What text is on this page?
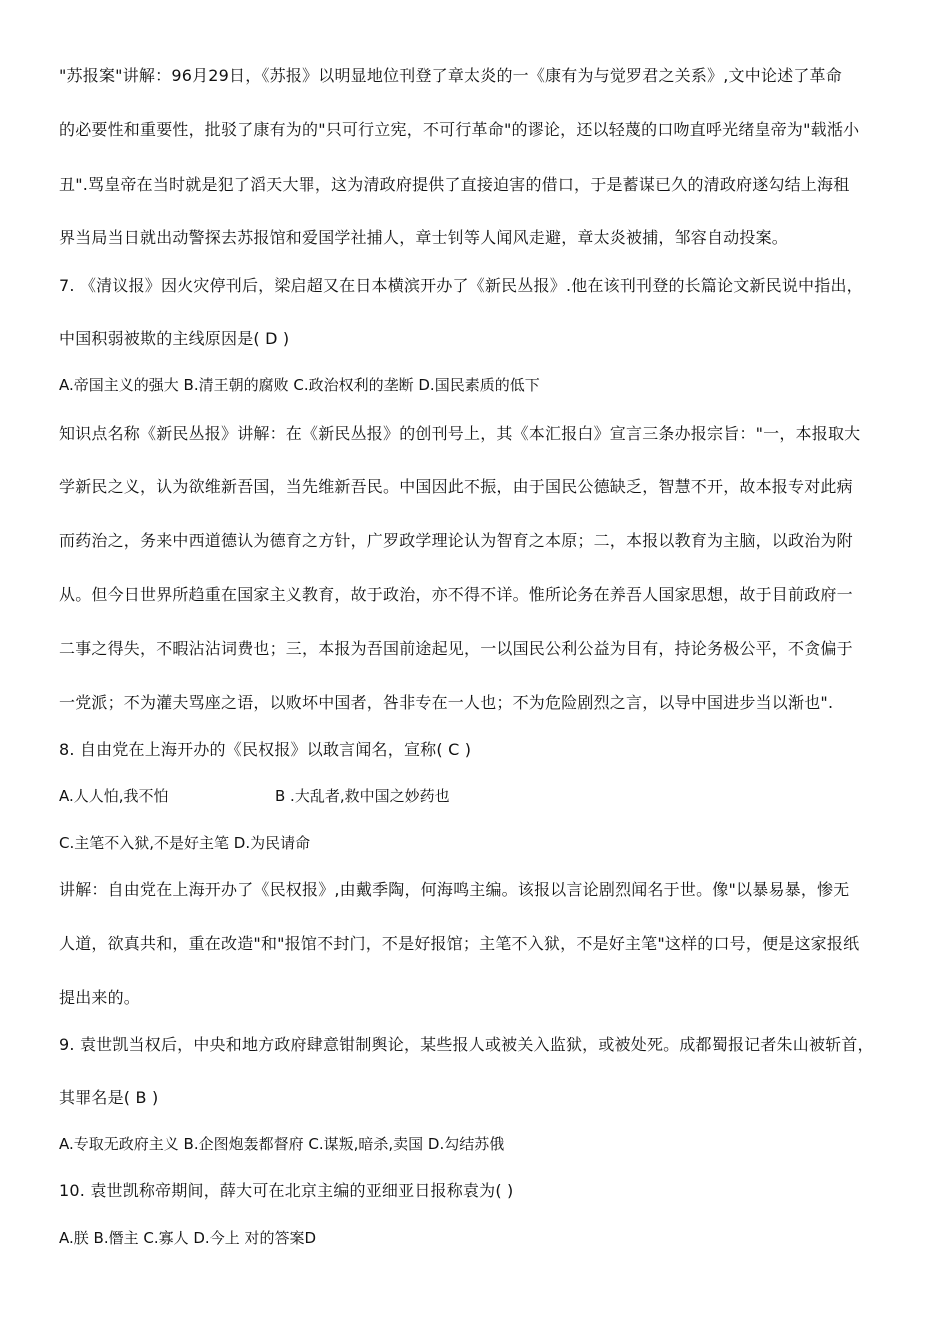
"苏报案"讲解：96月29日，《苏报》以明显地位刊登了章太炎的一《康有为与觉罗君之关系》,文中论述了革命
的必要性和重要性，批驳了康有为的"只可行立宪，不可行革命"的谬论，还以轻蔑的口吻直呼光绪皇帝为"载湉小
丑".骂皇帝在当时就是犯了滔天大罪，这为清政府提供了直接迫害的借口，于是蓄谋已久的清政府遂勾结上海租
界当局当日就出动警探去苏报馆和爱国学社捕人，章士钊等人闻风走避，章太炎被捕，邹容自动投案。
7. 《清议报》因火灾停刊后，梁启超又在日本横滨开办了《新民丛报》.他在该刊刊登的长篇论文新民说中指出，
中国积弱被欺的主线原因是( D )
A.帝国主义的强大 B.清王朝的腐败 C.政治权利的垄断 D.国民素质的低下
知识点名称《新民丛报》讲解：在《新民丛报》的创刊号上，其《本汇报白》宣言三条办报宗旨："一，本报取大
学新民之义，认为欲维新吾国，当先维新吾民。中国因此不振，由于国民公德缺乏，智慧不开，故本报专对此病
而药治之，务来中西道德认为德育之方针，广罗政学理论认为智育之本原；二，本报以教育为主脑，以政治为附
从。但今日世界所趋重在国家主义教育，故于政治，亦不得不详。惟所论务在养吾人国家思想，故于目前政府一
二事之得失，不暇沾沾词费也；三，本报为吾国前途起见，一以国民公利公益为目有，持论务极公平，不贪偏于
一党派；不为灌夫骂座之语，以败坏中国者，咎非专在一人也；不为危险剧烈之言，以导中国进步当以渐也".
8. 自由党在上海开办的《民权报》以敢言闻名，宣称( C )
A.人人怕,我不怕	B .大乱者,救中国之妙药也
C.主笔不入狱,不是好主笔 D.为民请命
讲解：自由党在上海开办了《民权报》,由戴季陶，何海鸣主编。该报以言论剧烈闻名于世。像"以暴易暴，惨无
人道，欲真共和，重在改造"和"报馆不封门，不是好报馆；主笔不入狱，不是好主笔"这样的口号，便是这家报纸
提出来的。
9. 袁世凯当权后，中央和地方政府肆意钳制舆论，某些报人或被关入监狱，或被处死。成都蜀报记者朱山被斩首，
其罪名是( B )
A.专取无政府主义 B.企图炮轰都督府 C.谋叛,暗杀,卖国 D.勾结苏俄
10. 袁世凯称帝期间，薛大可在北京主编的亚细亚日报称袁为( )
A.朕 B.僭主 C.寡人 D.今上 对的答案D
